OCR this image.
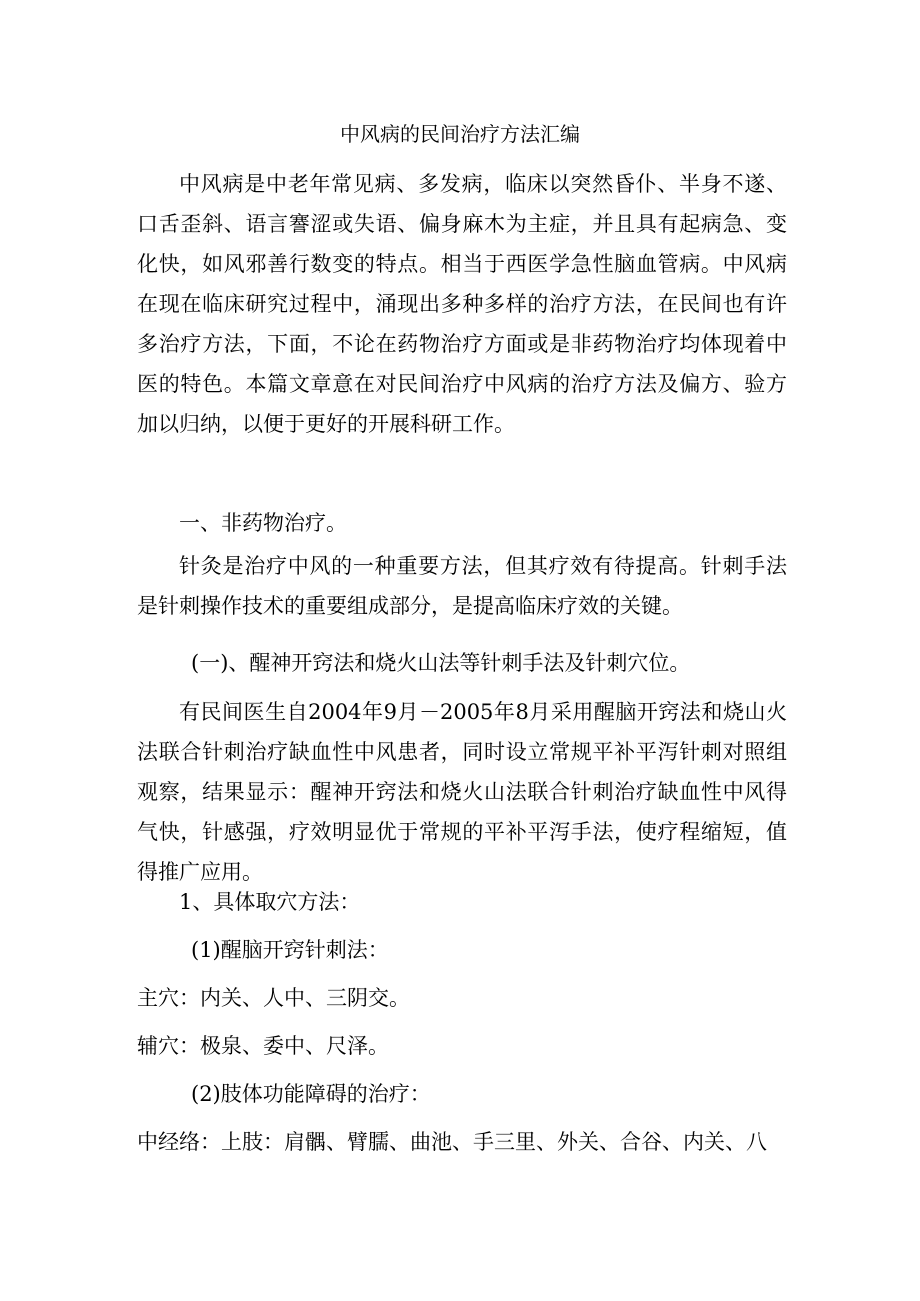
中风病的民间治疗方法汇编
中风病是中老年常见病、多发病，临床以突然昏仆、半身不遂、口舌歪斜、语言謇涩或失语、偏身麻木为主症，并且具有起病急、变化快，如风邪善行数变的特点。相当于西医学急性脑血管病。中风病在现在临床研究过程中，涌现出多种多样的治疗方法，在民间也有许多治疗方法，下面，不论在药物治疗方面或是非药物治疗均体现着中医的特色。本篇文章意在对民间治疗中风病的治疗方法及偏方、验方加以归纳，以便于更好的开展科研工作。
一、非药物治疗。
针灸是治疗中风的一种重要方法，但其疗效有待提高。针刺手法是针刺操作技术的重要组成部分，是提高临床疗效的关键。
(一)、醒神开窍法和烧火山法等针刺手法及针刺穴位。
有民间医生自2004年9月－2005年8月采用醒脑开窍法和烧山火法联合针刺治疗缺血性中风患者，同时设立常规平补平泻针刺对照组观察，结果显示：醒神开窍法和烧火山法联合针刺治疗缺血性中风得气快，针感强，疗效明显优于常规的平补平泻手法，使疗程缩短，值得推广应用。
1、具体取穴方法：
(1)醒脑开窍针刺法：
主穴：内关、人中、三阴交。
辅穴：极泉、委中、尺泽。
(2)肢体功能障碍的治疗：
中经络：上肢：肩髃、臂臑、曲池、手三里、外关、合谷、内关、八
